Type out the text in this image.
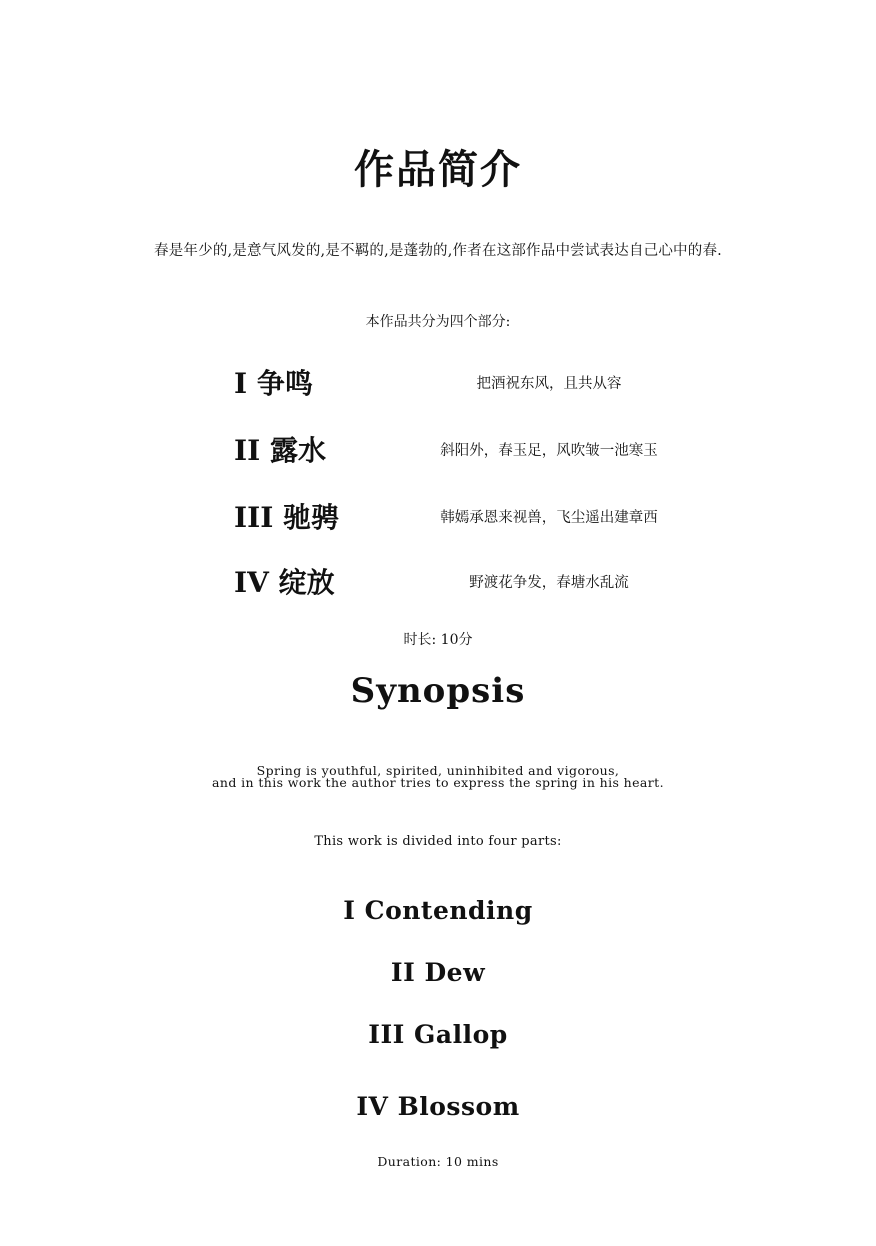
作品简介
春是年少的,是意气风发的,是不羁的,是蓬勃的,作者在这部作品中尝试表达自己心中的春.
本作品共分为四个部分:
I 争鸣	把酒祝东风，且共从容
II 露水	斜阳外，春玉足，风吹皱一池寒玉
III 驰骋	韩嫣承恩来视兽，飞尘遥出建章西
IV 绽放	野渡花争发，春塘水乱流
时长: 10分
Synopsis
Spring is youthful, spirited, uninhibited and vigorous,
and in this work the author tries to express the spring in his heart.
This work is divided into four parts:
I Contending
II Dew
III Gallop
IV Blossom
Duration: 10 mins
